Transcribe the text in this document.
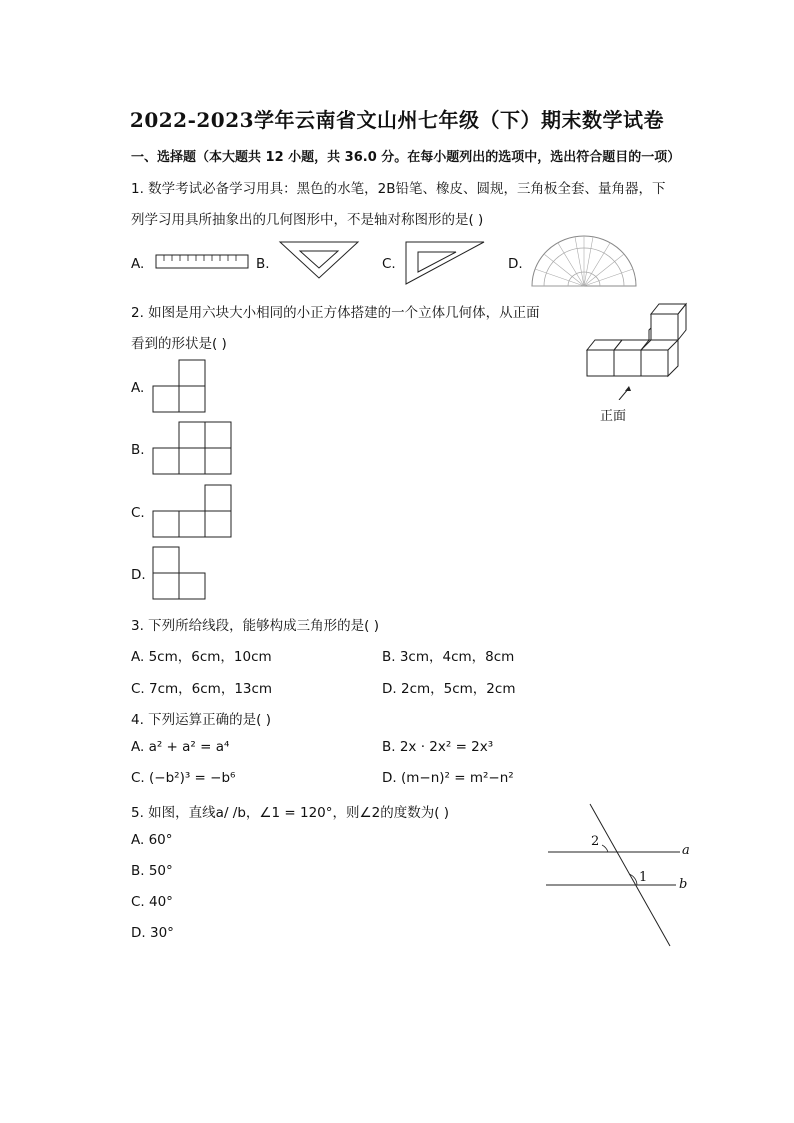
2022-2023学年云南省文山州七年级（下）期末数学试卷
一、选择题（本大题共 12 小题，共 36.0 分。在每小题列出的选项中，选出符合题目的一项）
1. 数学考试必备学习用具：黑色的水笔，2B铅笔、橡皮、圆规，三角板全套、量角器，下
列学习用具所抽象出的几何图形中，不是轴对称图形的是( )
A.	B.	C.	D.
2. 如图是用六块大小相同的小正方体搭建的一个立体几何体，从正面
看到的形状是( )
正面
A.
B.
C.
D.
3. 下列所给线段，能够构成三角形的是( )
A. 5cm，6cm，10cm	B. 3cm，4cm，8cm
C. 7cm，6cm，13cm	D. 2cm，5cm，2cm
4. 下列运算正确的是( )
A. a² + a² = a⁴	B. 2x · 2x² = 2x³
C. (−b²)³ = −b⁶	D. (m−n)² = m²−n²
5. 如图，直线a/ /b，∠1 = 120°，则∠2的度数为( )
A. 60°
B. 50°
C. 40°
D. 30°
2
1
a
b
